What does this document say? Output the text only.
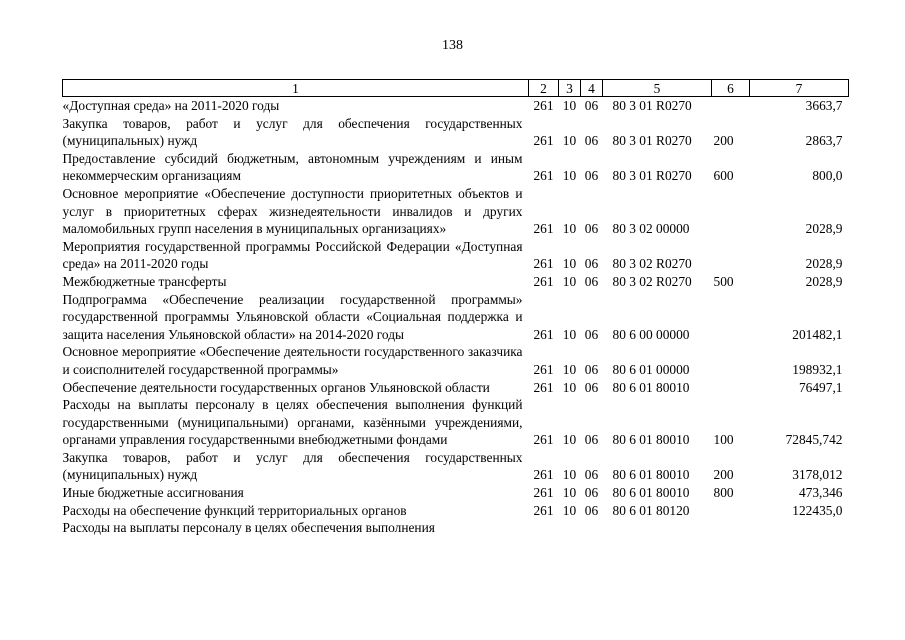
138
1	2	3	4	5	6	7
«Доступная среда» на 2011-2020 годы	261	10	06	80 3 01 R0270		3663,7
Закупка товаров, работ и услуг для обеспечения государственных (муниципальных) нужд	261	10	06	80 3 01 R0270	200	2863,7
Предоставление субсидий бюджетным, автономным учреждениям и иным некоммерческим организациям	261	10	06	80 3 01 R0270	600	800,0
Основное мероприятие «Обеспечение доступности приоритетных объектов и услуг в приоритетных сферах жизнедеятельности инвалидов и других маломобильных групп населения в муниципальных организациях»	261	10	06	80 3 02 00000		2028,9
Мероприятия государственной программы Российской Федерации «Доступная среда» на 2011-2020 годы	261	10	06	80 3 02 R0270		2028,9
Межбюджетные трансферты	261	10	06	80 3 02 R0270	500	2028,9
Подпрограмма «Обеспечение реализации государственной программы» государственной программы Ульяновской области «Социальная поддержка и защита населения Ульяновской области» на 2014-2020 годы	261	10	06	80 6 00 00000		201482,1
Основное мероприятие «Обеспечение деятельности государственного заказчика и соисполнителей государственной программы»	261	10	06	80 6 01 00000		198932,1
Обеспечение деятельности государственных органов Ульяновской области	261	10	06	80 6 01 80010		76497,1
Расходы на выплаты персоналу в целях обеспечения выполнения функций государственными (муниципальными) органами, казёнными учреждениями, органами управления государственными внебюджетными фондами	261	10	06	80 6 01 80010	100	72845,742
Закупка товаров, работ и услуг для обеспечения государственных (муниципальных) нужд	261	10	06	80 6 01 80010	200	3178,012
Иные бюджетные ассигнования	261	10	06	80 6 01 80010	800	473,346
Расходы на обеспечение функций территориальных органов	261	10	06	80 6 01 80120		122435,0
Расходы на выплаты персоналу в целях обеспечения выполнения						
